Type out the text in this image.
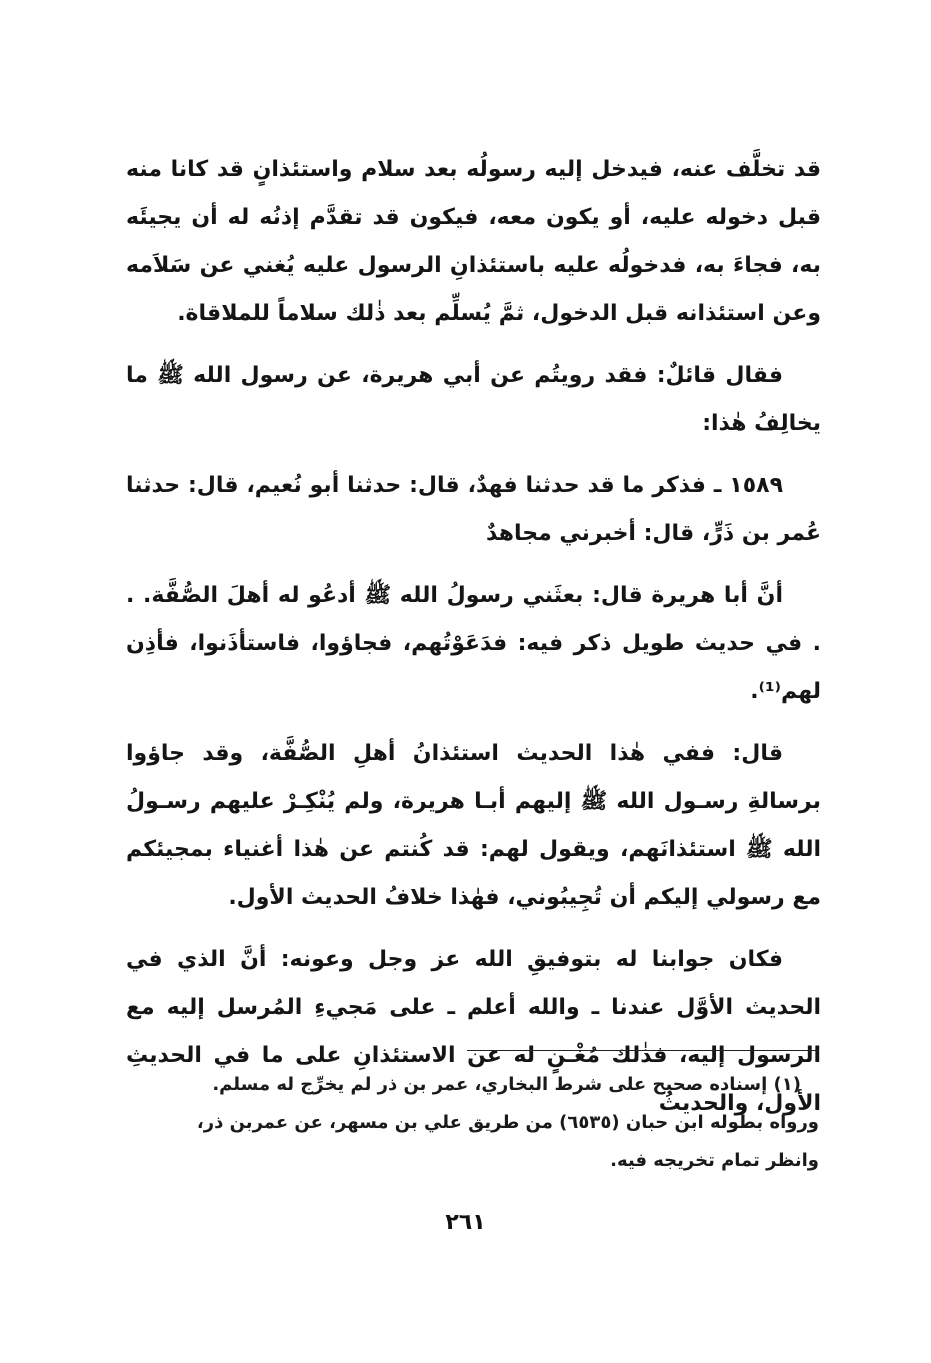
قد تخلَّف عنه، فيدخل إليه رسولُه بعد سلام واستئذانٍ قد كانا منه قبل دخوله عليه، أو يكون معه، فيكون قد تقدَّم إذنُه له أن يجيئَه به، فجاءَ به، فدخولُه عليه باستئذانِ الرسول عليه يُغني عن سَلاَمه وعن استئذانه قبل الدخول، ثمَّ يُسلِّم بعد ذٰلك سلاماً للملاقاة.

فقال قائلٌ: فقد رويتُم عن أبي هريرة، عن رسول الله ﷺ ما يخالِفُ هٰذا:

١٥٨٩ ـ فذكر ما قد حدثنا فهدٌ، قال: حدثنا أبو نُعيم، قال: حدثنا عُمر بن ذَرٍّ، قال: أخبرني مجاهدٌ

أنَّ أبا هريرة قال: بعثَني رسولُ الله ﷺ أدعُو له أهلَ الصُّفَّة. . . في حديث طويل ذكر فيه: فدَعَوْتُهم، فجاؤوا، فاستأذَنوا، فأذِن لهم⁽¹⁾.

قال: ففي هٰذا الحديث استئذانُ أهلِ الصُّفَّة، وقد جاؤوا برسالةِ رسـول الله ﷺ إليهم أبـا هريرة، ولم يُنْكِـرْ عليهم رسـولُ الله ﷺ استئذانَهم، ويقول لهم: قد كُنتم عن هٰذا أغنياء بمجيئكم مع رسولي إليكم أن تُجِيبُوني، فهٰذا خلافُ الحديث الأول.

فكان جوابنا له بتوفيقِ الله عز وجل وعونه: أنَّ الذي في الحديث الأوَّل عندنا ـ والله أعلم ـ على مَجيءِ المُرسل إليه مع الرسول إليه، فذٰلك مُغْـنٍ له عن الاستئذانِ على ما في الحديثِ الأول، والحديثُ

(١) إسناده صحيح على شرط البخاري، عمر بن ذر لم يخرِّج له مسلم.
ورواه بطوله ابن حبان (٦٥٣٥) من طريق علي بن مسهر، عن عمربن ذر،
وانظر تمام تخريجه فيه.
٢٦١
